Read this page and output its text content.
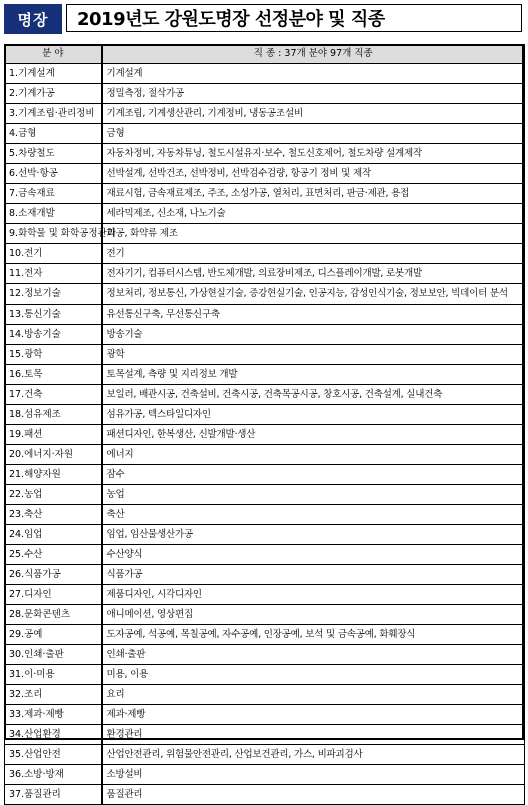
명장	2019년도 강원도명장 선정분야 및 직종
분 야	직 종 : 37개 분야 97개 직종
1.기계설계	기계설계
2.기계가공	정밀측정, 절삭가공
3.기계조립·관리정비	기계조립, 기계생산관리, 기계정비, 냉동공조설비
4.금형	금형
5.차량철도	자동차정비, 자동차튜닝, 철도시설유지·보수, 철도신호제어, 철도차량 설계제작
6.선박·항공	선박설계, 선박건조, 선박정비, 선박검수검량, 항공기 정비 및 제작
7.금속재료	재료시험, 금속재료제조, 주조, 소성가공, 열처리, 표면처리, 판금·제관, 용접
8.소재개발	세라믹제조, 신소재, 나노기술
9.화학물 및 화학공정관리	화공, 화약류 제조
10.전기	전기
11.전자	전자기기, 컴퓨터시스템, 반도체개발, 의료장비제조, 디스플레이개발, 로봇개발
12.정보기술	정보처리, 정보통신, 가상현실기술, 증강현실기술, 인공지능, 감성인식기술, 정보보안, 빅데이터 분석
13.통신기술	유선통신구축, 무선통신구축
14.방송기술	방송기술
15.광학	광학
16.토목	토목설계, 측량 및 지리정보 개발
17.건축	보일러, 배관시공, 건축설비, 건축시공, 건축목공시공, 창호시공, 건축설계, 실내건축
18.섬유제조	섬유가공, 텍스타일디자인
19.패션	패션디자인, 한복생산, 신발개발·생산
20.에너지·자원	에너지
21.해양자원	잠수
22.농업	농업
23.축산	축산
24.임업	임업, 임산물생산가공
25.수산	수산양식
26.식품가공	식품가공
27.디자인	제품디자인, 시각디자인
28.문화콘텐츠	애니메이션, 영상편집
29.공예	도자공예, 석공예, 목칠공예, 자수공예, 인장공예, 보석 및 금속공예, 화훼장식
30.인쇄·출판	인쇄·출판
31.이·미용	미용, 이용
32.조리	요리
33.제과·제빵	제과·제빵
34.산업환경	환경관리
35.산업안전	산업안전관리, 위험물안전관리, 산업보건관리, 가스, 비파괴검사
36.소방·방재	소방설비
37.품질관리	품질관리
